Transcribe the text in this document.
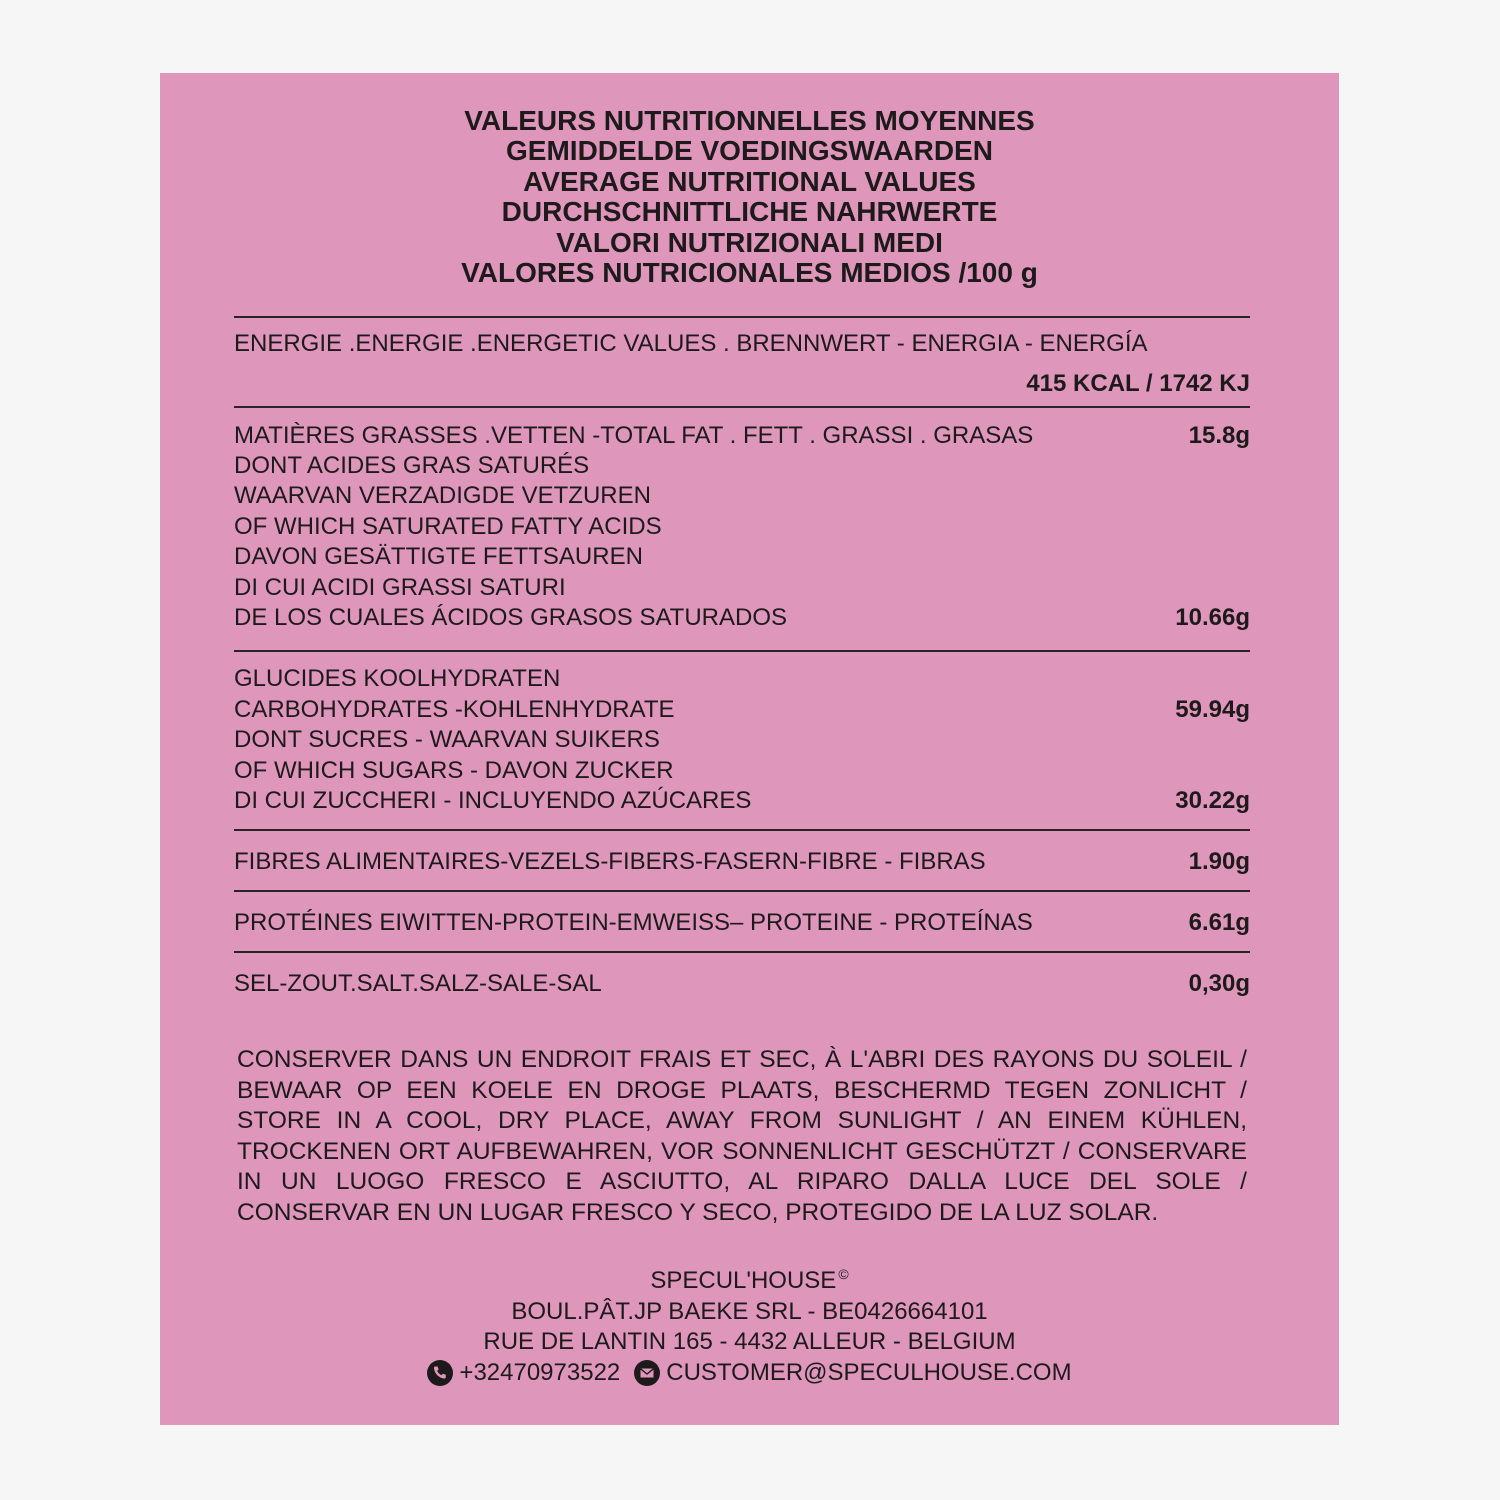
VALEURS NUTRITIONNELLES MOYENNES
GEMIDDELDE VOEDINGSWAARDEN
AVERAGE NUTRITIONAL VALUES
DURCHSCHNITTLICHE NAHRWERTE
VALORI NUTRIZIONALI MEDI
VALORES NUTRICIONALES MEDIOS /100 g
ENERGIE .ENERGIE .ENERGETIC VALUES . BRENNWERT - ENERGIA - ENERGÍA
415 KCAL / 1742 KJ
MATIÈRES GRASSES .VETTEN -TOTAL FAT . FETT . GRASSI . GRASAS	15.8g
DONT ACIDES GRAS SATURÉS
WAARVAN VERZADIGDE VETZUREN
OF WHICH SATURATED FATTY ACIDS
DAVON GESÄTTIGTE FETTSAUREN
DI CUI ACIDI GRASSI SATURI
DE LOS CUALES ÁCIDOS GRASOS SATURADOS	10.66g
GLUCIDES KOOLHYDRATEN
CARBOHYDRATES -KOHLENHYDRATE	59.94g
DONT SUCRES - WAARVAN SUIKERS
OF WHICH SUGARS - DAVON ZUCKER
DI CUI ZUCCHERI - INCLUYENDO AZÚCARES	30.22g
FIBRES ALIMENTAIRES-VEZELS-FIBERS-FASERN-FIBRE - FIBRAS	1.90g
PROTÉINES EIWITTEN-PROTEIN-EMWEISS– PROTEINE - PROTEÍNAS	6.61g
SEL-ZOUT.SALT.SALZ-SALE-SAL	0,30g
CONSERVER DANS UN ENDROIT FRAIS ET SEC, À L'ABRI DES RAYONS DU SOLEIL / BEWAAR OP EEN KOELE EN DROGE PLAATS, BESCHERMD TEGEN ZONLICHT / STORE IN A COOL, DRY PLACE, AWAY FROM SUNLIGHT / AN EINEM KÜHLEN, TROCKENEN ORT AUFBEWAHREN, VOR SONNENLICHT GESCHÜTZT / CONSERVARE IN UN LUOGO FRESCO E ASCIUTTO, AL RIPARO DALLA LUCE DEL SOLE / CONSERVAR EN UN LUGAR FRESCO Y SECO, PROTEGIDO DE LA LUZ SOLAR.
SPECUL'HOUSE ©
BOUL.PÂT.JP BAEKE SRL - BE0426664101
RUE DE LANTIN 165 - 4432 ALLEUR - BELGIUM
+32470973522	CUSTOMER@SPECULHOUSE.COM
